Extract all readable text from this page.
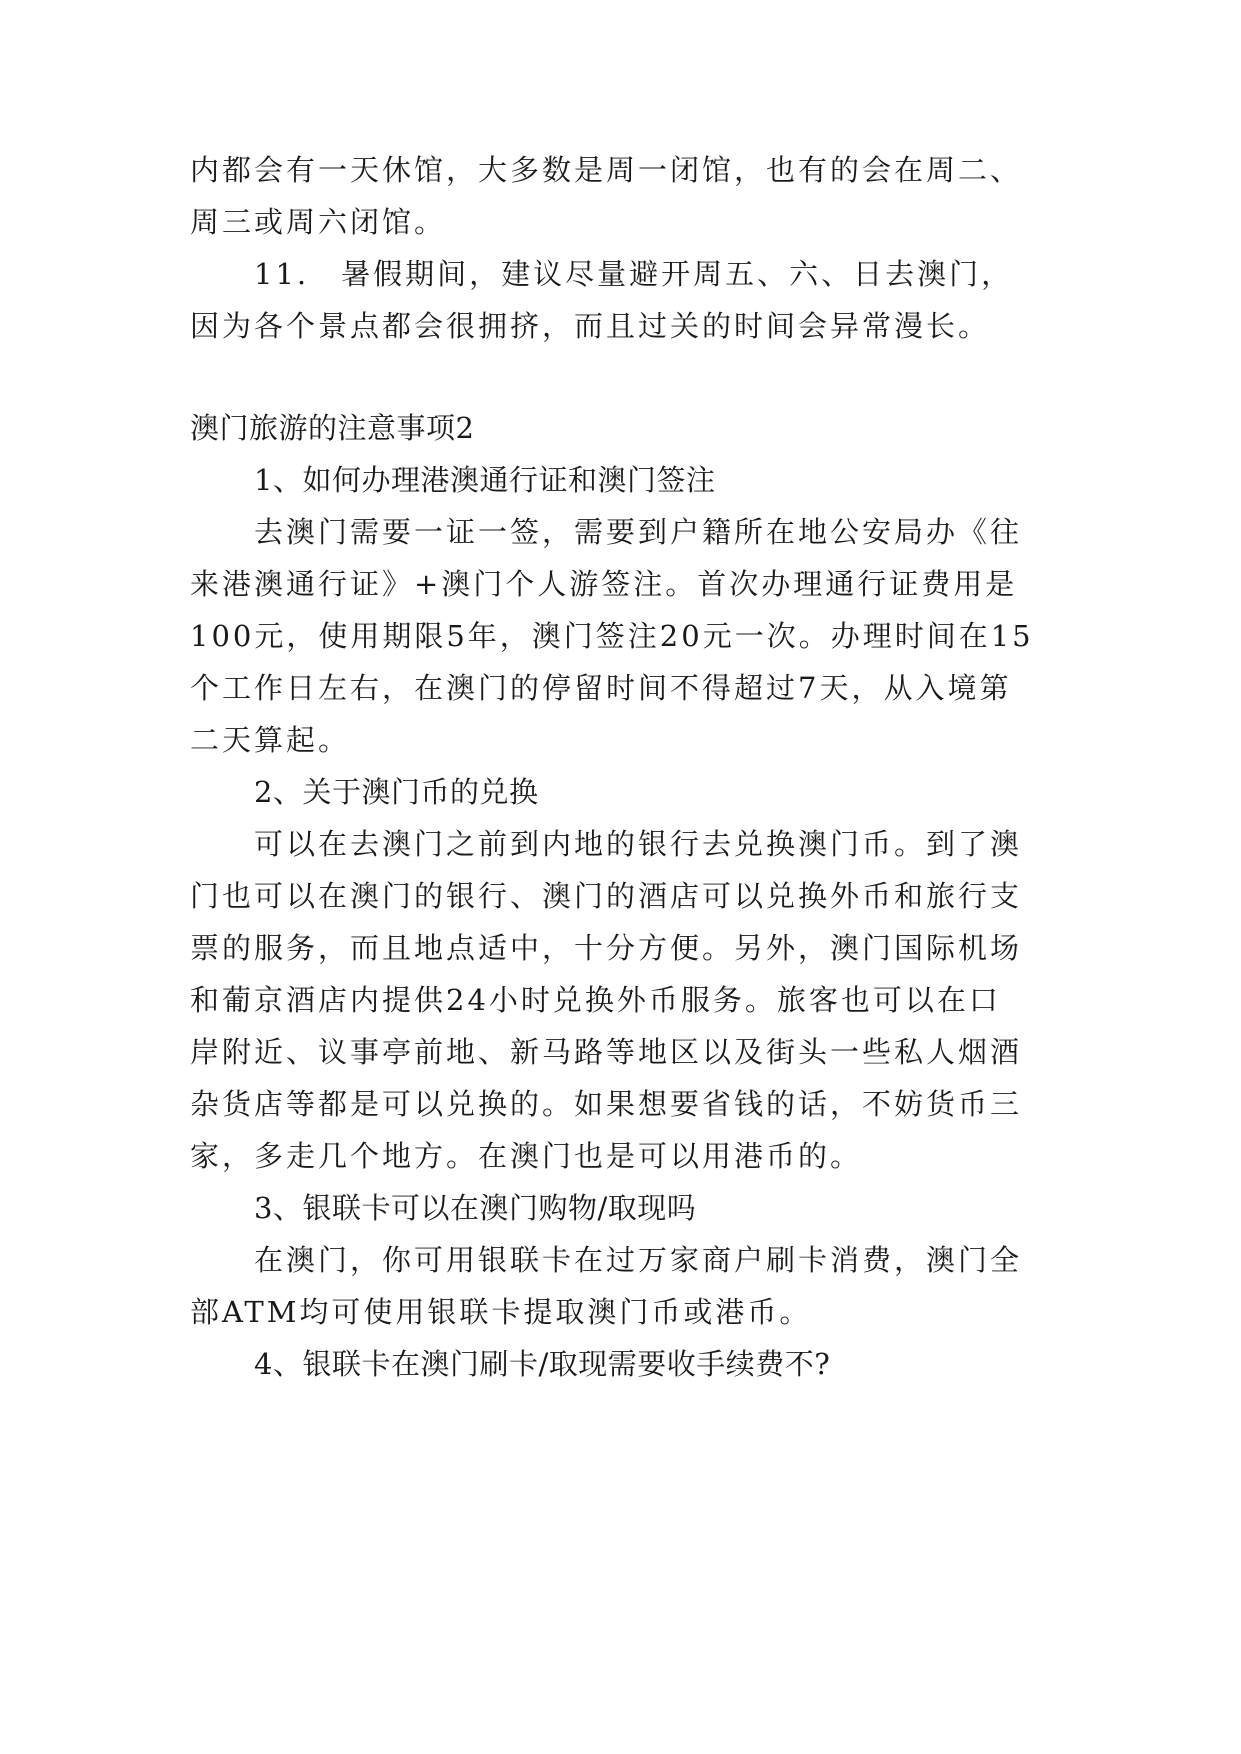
内都会有一天休馆，大多数是周一闭馆，也有的会在周二、
周三或周六闭馆。
11.　暑假期间，建议尽量避开周五、六、日去澳门，
因为各个景点都会很拥挤，而且过关的时间会异常漫长。
澳门旅游的注意事项2
1、如何办理港澳通行证和澳门签注
去澳门需要一证一签，需要到户籍所在地公安局办《往
来港澳通行证》+澳门个人游签注。首次办理通行证费用是
100元，使用期限5年，澳门签注20元一次。办理时间在15
个工作日左右，在澳门的停留时间不得超过7天，从入境第
二天算起。
2、关于澳门币的兑换
可以在去澳门之前到内地的银行去兑换澳门币。到了澳
门也可以在澳门的银行、澳门的酒店可以兑换外币和旅行支
票的服务，而且地点适中，十分方便。另外，澳门国际机场
和葡京酒店内提供24小时兑换外币服务。旅客也可以在口
岸附近、议事亭前地、新马路等地区以及街头一些私人烟酒
杂货店等都是可以兑换的。如果想要省钱的话，不妨货币三
家，多走几个地方。在澳门也是可以用港币的。
3、银联卡可以在澳门购物/取现吗
在澳门，你可用银联卡在过万家商户刷卡消费，澳门全
部ATM均可使用银联卡提取澳门币或港币。
4、银联卡在澳门刷卡/取现需要收手续费不?
